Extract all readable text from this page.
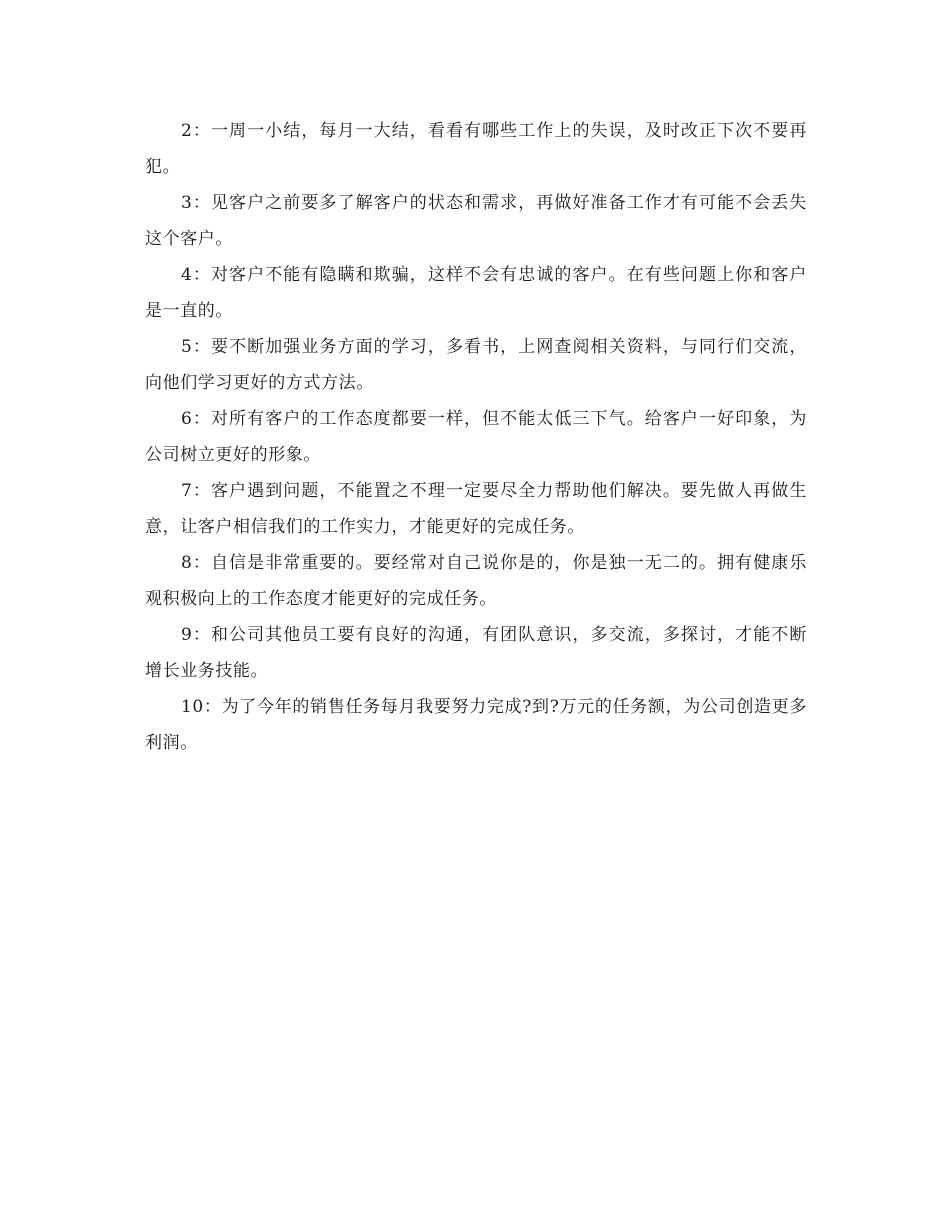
2：一周一小结，每月一大结，看看有哪些工作上的失误，及时改正下次不要再犯。

3：见客户之前要多了解客户的状态和需求，再做好准备工作才有可能不会丢失这个客户。

4：对客户不能有隐瞒和欺骗，这样不会有忠诚的客户。在有些问题上你和客户是一直的。

5：要不断加强业务方面的学习，多看书，上网查阅相关资料，与同行们交流，向他们学习更好的方式方法。

6：对所有客户的工作态度都要一样，但不能太低三下气。给客户一好印象，为公司树立更好的形象。

7：客户遇到问题，不能置之不理一定要尽全力帮助他们解决。要先做人再做生意，让客户相信我们的工作实力，才能更好的完成任务。

8：自信是非常重要的。要经常对自己说你是的，你是独一无二的。拥有健康乐观积极向上的工作态度才能更好的完成任务。

9：和公司其他员工要有良好的沟通，有团队意识，多交流，多探讨，才能不断增长业务技能。

10：为了今年的销售任务每月我要努力完成?到?万元的任务额，为公司创造更多利润。
